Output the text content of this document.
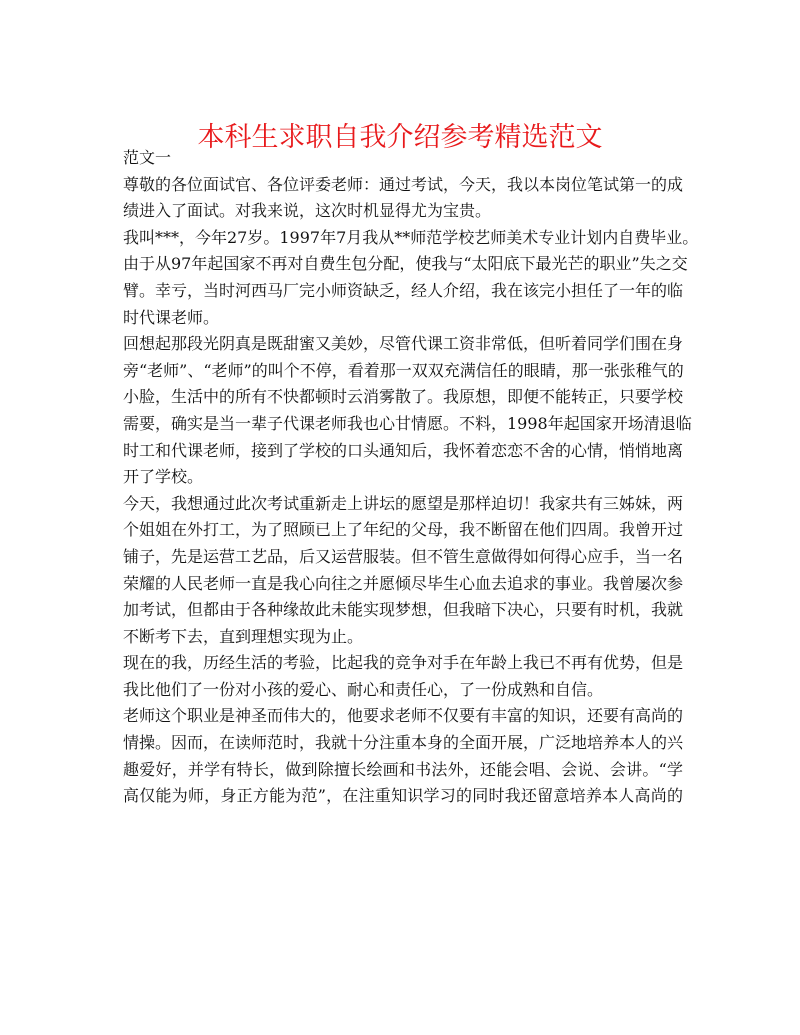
本科生求职自我介绍参考精选范文

范文一

尊敬的各位面试官、各位评委老师：通过考试，今天，我以本岗位笔试第一的成
绩进入了面试。对我来说，这次时机显得尤为宝贵。

我叫***，今年27岁。1997年7月我从**师范学校艺师美术专业计划内自费毕业。
由于从97年起国家不再对自费生包分配，使我与“太阳底下最光芒的职业”失之交
臂。幸亏，当时河西马厂完小师资缺乏，经人介绍，我在该完小担任了一年的临
时代课老师。

回想起那段光阴真是既甜蜜又美妙，尽管代课工资非常低，但听着同学们围在身
旁“老师”、“老师”的叫个不停，看着那一双双充满信任的眼睛，那一张张稚气的
小脸，生活中的所有不快都顿时云消雾散了。我原想，即便不能转正，只要学校
需要，确实是当一辈子代课老师我也心甘情愿。不料，1998年起国家开场清退临
时工和代课老师，接到了学校的口头通知后，我怀着恋恋不舍的心情，悄悄地离
开了学校。

今天，我想通过此次考试重新走上讲坛的愿望是那样迫切！我家共有三姊妹，两
个姐姐在外打工，为了照顾已上了年纪的父母，我不断留在他们四周。我曾开过
铺子，先是运营工艺品，后又运营服装。但不管生意做得如何得心应手，当一名
荣耀的人民老师一直是我心向往之并愿倾尽毕生心血去追求的事业。我曾屡次参
加考试，但都由于各种缘故此未能实现梦想，但我暗下决心，只要有时机，我就
不断考下去，直到理想实现为止。

现在的我，历经生活的考验，比起我的竞争对手在年龄上我已不再有优势，但是
我比他们了一份对小孩的爱心、耐心和责任心，了一份成熟和自信。

老师这个职业是神圣而伟大的，他要求老师不仅要有丰富的知识，还要有高尚的
情操。因而，在读师范时，我就十分注重本身的全面开展，广泛地培养本人的兴
趣爱好，并学有特长，做到除擅长绘画和书法外，还能会唱、会说、会讲。“学
高仅能为师，身正方能为范”，在注重知识学习的同时我还留意培养本人高尚的
